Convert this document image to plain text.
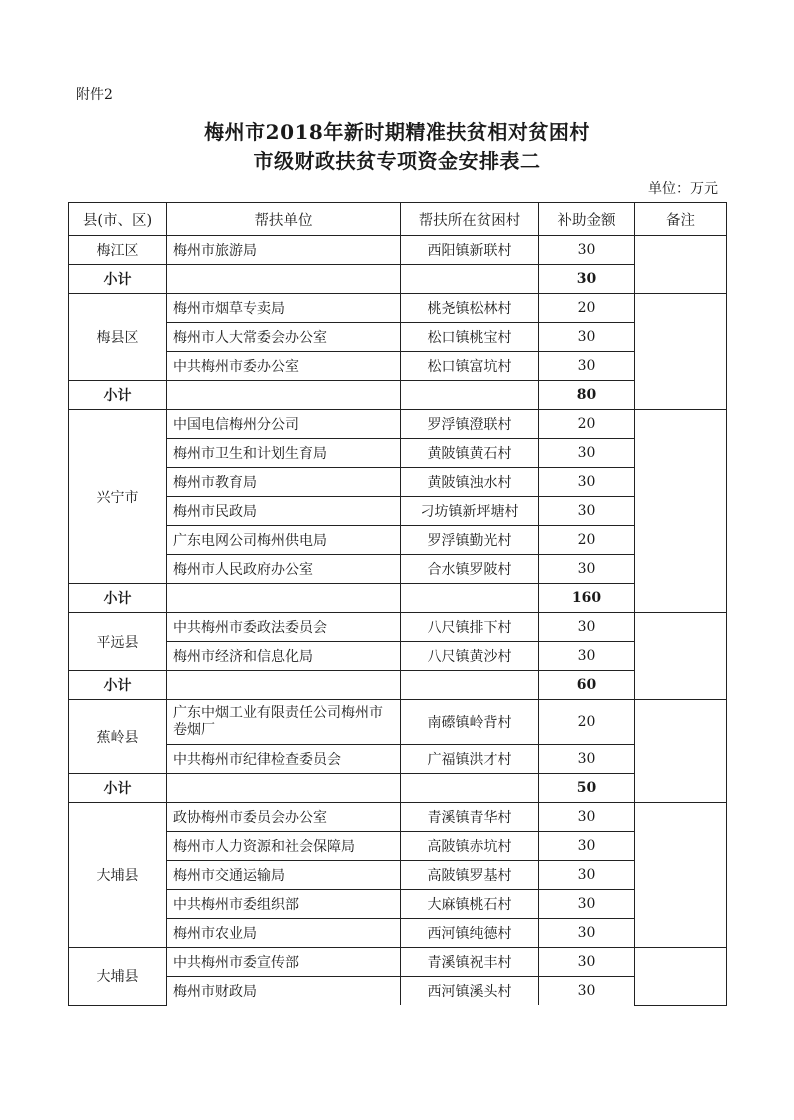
附件2
梅州市2018年新时期精准扶贫相对贫困村
市级财政扶贫专项资金安排表二
单位：万元
县(市、区)	帮扶单位	帮扶所在贫困村	补助金额	备注
梅江区	梅州市旅游局	西阳镇新联村	30	
小计			30	
梅县区	梅州市烟草专卖局	桃尧镇松林村	20	
	梅州市人大常委会办公室	松口镇桃宝村	30	
	中共梅州市委办公室	松口镇富坑村	30	
小计			80	
兴宁市	中国电信梅州分公司	罗浮镇澄联村	20	
	梅州市卫生和计划生育局	黄陂镇黄石村	30	
	梅州市教育局	黄陂镇浊水村	30	
	梅州市民政局	刁坊镇新坪塘村	30	
	广东电网公司梅州供电局	罗浮镇勤光村	20	
	梅州市人民政府办公室	合水镇罗陂村	30	
小计			160	
平远县	中共梅州市委政法委员会	八尺镇排下村	30	
	梅州市经济和信息化局	八尺镇黄沙村	30	
小计			60	
蕉岭县	广东中烟工业有限责任公司梅州市卷烟厂	南礤镇岭背村	20	
	中共梅州市纪律检查委员会	广福镇洪才村	30	
小计			50	
大埔县	政协梅州市委员会办公室	青溪镇青华村	30	
	梅州市人力资源和社会保障局	高陂镇赤坑村	30	
	梅州市交通运输局	高陂镇罗基村	30	
	中共梅州市委组织部	大麻镇桃石村	30	
	梅州市农业局	西河镇纯德村	30	
大埔县	中共梅州市委宣传部	青溪镇祝丰村	30	
	梅州市财政局	西河镇溪头村	30	
